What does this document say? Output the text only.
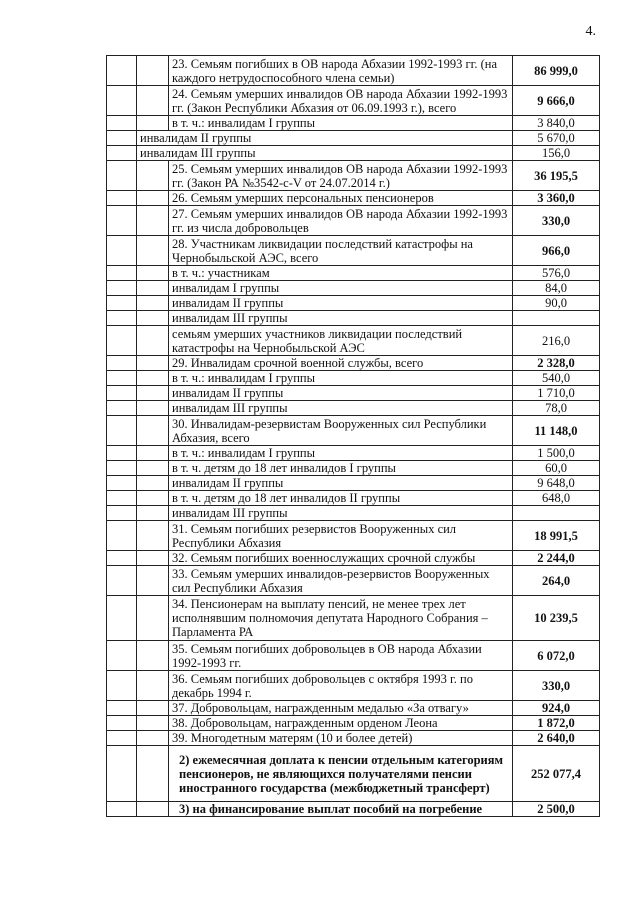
4.
		23. Семьям погибших в ОВ народа Абхазии 1992-1993 гг. (на каждого нетрудоспособного члена семьи)	86 999,0
		24. Семьям умерших инвалидов ОВ народа Абхазии 1992-1993 гг. (Закон Республики Абхазия от 06.09.1993 г.), всего	9 666,0
		в т. ч.: инвалидам I группы	3 840,0
	инвалидам II группы		5 670,0
	инвалидам III группы		156,0
		25. Семьям умерших инвалидов ОВ народа Абхазии 1992-1993 гг. (Закон РА №3542-с-V от 24.07.2014 г.)	36 195,5
		26. Семьям умерших персональных пенсионеров	3 360,0
		27. Семьям умерших инвалидов ОВ народа Абхазии 1992-1993 гг. из числа добровольцев	330,0
		28. Участникам ликвидации последствий катастрофы на Чернобыльской АЭС, всего	966,0
		в т. ч.: участникам	576,0
		инвалидам I группы	84,0
		инвалидам II группы	90,0
		инвалидам III группы	
		семьям умерших участников ликвидации последствий катастрофы на Чернобыльской АЭС	216,0
		29. Инвалидам срочной военной службы, всего	2 328,0
		в т. ч.: инвалидам I группы	540,0
		инвалидам II группы	1 710,0
		инвалидам III группы	78,0
		30. Инвалидам-резервистам Вооруженных сил Республики Абхазия, всего	11 148,0
		в т. ч.: инвалидам I группы	1 500,0
		в т. ч. детям до 18 лет инвалидов I группы	60,0
		инвалидам II группы	9 648,0
		в т. ч. детям до 18 лет инвалидов II группы	648,0
		инвалидам III группы	
		31. Семьям погибших резервистов Вооруженных сил Республики Абхазия	18 991,5
		32. Семьям погибших военнослужащих срочной службы	2 244,0
		33. Семьям умерших инвалидов-резервистов Вооруженных сил Республики Абхазия	264,0
		34. Пенсионерам на выплату пенсий, не менее трех лет исполнявшим полномочия депутата Народного Собрания – Парламента РА	10 239,5
		35. Семьям погибших добровольцев в ОВ народа Абхазии 1992-1993 гг.	6 072,0
		36. Семьям погибших добровольцев с октября 1993 г. по декабрь 1994 г.	330,0
		37. Добровольцам, награжденным медалью «За отвагу»	924,0
		38. Добровольцам, награжденным орденом Леона	1 872,0
		39. Многодетным матерям (10 и более детей)	2 640,0
		2) ежемесячная доплата к пенсии отдельным категориям пенсионеров, не являющихся получателями пенсии иностранного государства (межбюджетный трансферт)	252 077,4
		3) на финансирование выплат пособий на погребение	2 500,0
